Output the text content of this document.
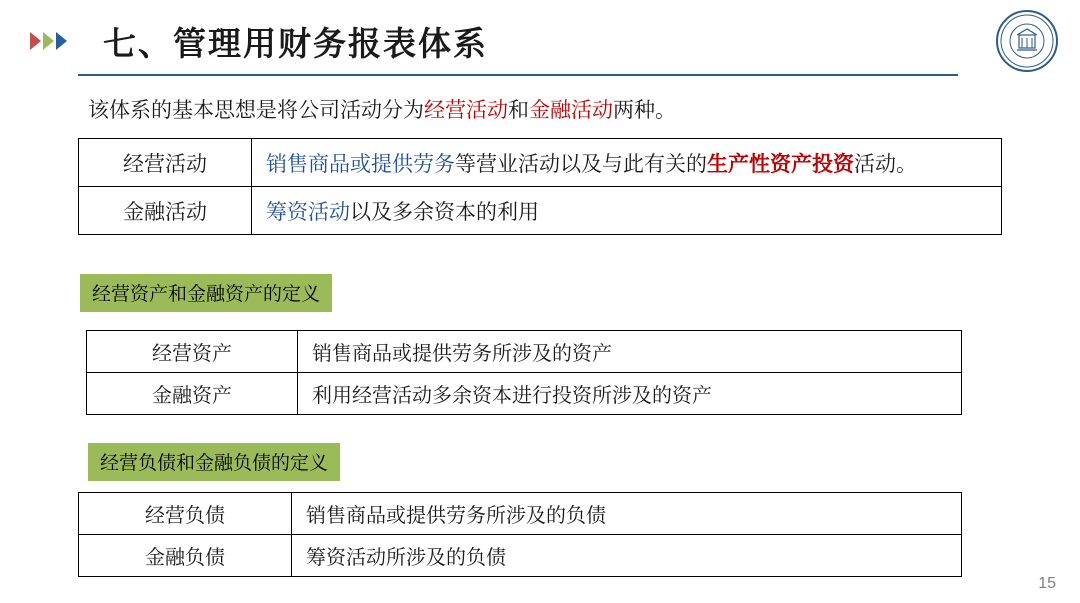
七、管理用财务报表体系
该体系的基本思想是将公司活动分为经营活动和金融活动两种。
经营活动	销售商品或提供劳务等营业活动以及与此有关的生产性资产投资活动。
金融活动	筹资活动以及多余资本的利用
经营资产和金融资产的定义
经营资产	销售商品或提供劳务所涉及的资产
金融资产	利用经营活动多余资本进行投资所涉及的资产
经营负债和金融负债的定义
经营负债	销售商品或提供劳务所涉及的负债
金融负债	筹资活动所涉及的负债
15
